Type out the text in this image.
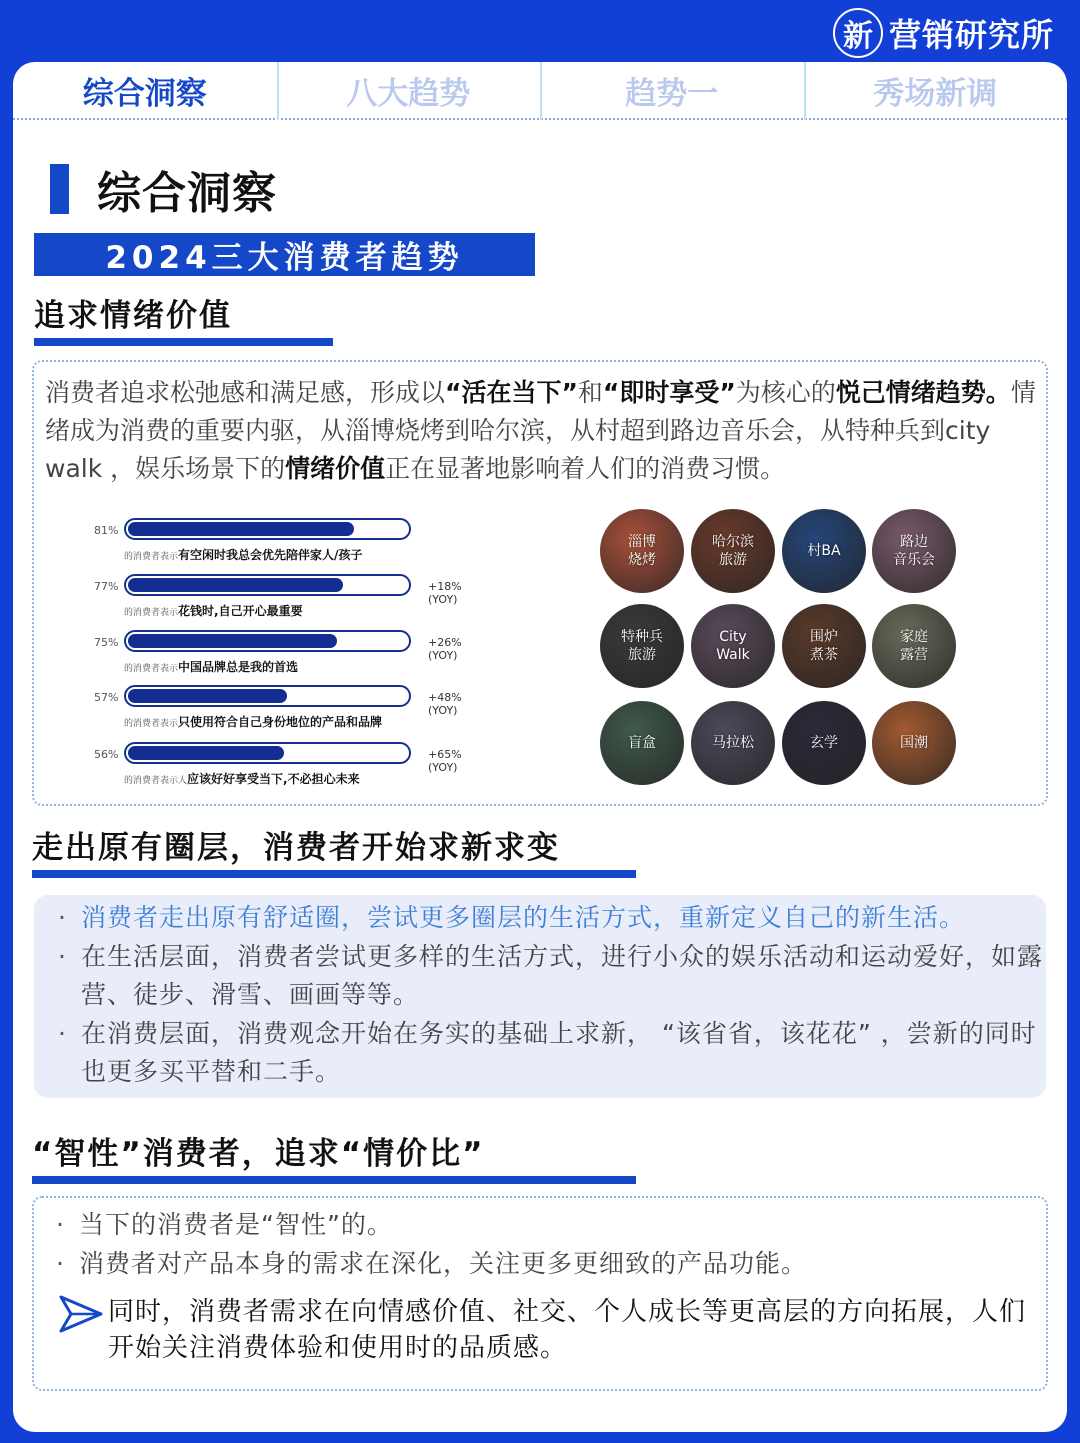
新 营销研究所
综合洞察	八大趋势	趋势一	秀场新调
综合洞察
2024三大消费者趋势
追求情绪价值
消费者追求松弛感和满足感，形成以“活在当下”和“即时享受”为核心的悦己情绪趋势。情绪成为消费的重要内驱，从淄博烧烤到哈尔滨，从村超到路边音乐会，从特种兵到city walk ，娱乐场景下的情绪价值正在显著地影响着人们的消费习惯。
81%
的消费者表示有空闲时我总会优先陪伴家人/孩子
77%	+18% (YOY)
的消费者表示花钱时,自己开心最重要
75%	+26% (YOY)
的消费者表示中国品牌总是我的首选
57%	+48% (YOY)
的消费者表示只使用符合自己身份地位的产品和品牌
56%	+65% (YOY)
的消费者表示人应该好好享受当下,不必担心未来
淄博
烧烤
哈尔滨
旅游
村BA
路边
音乐会
特种兵
旅游
City
Walk
围炉
煮茶
家庭
露营
盲盒	马拉松	玄学	国潮
走出原有圈层，消费者开始求新求变
· 消费者走出原有舒适圈，尝试更多圈层的生活方式，重新定义自己的新生活。
· 在生活层面，消费者尝试更多样的生活方式，进行小众的娱乐活动和运动爱好，如露营、徒步、滑雪、画画等等。
· 在消费层面，消费观念开始在务实的基础上求新， “该省省，该花花” ，尝新的同时也更多买平替和二手。
“智性”消费者，追求“情价比”
· 当下的消费者是“智性”的。
· 消费者对产品本身的需求在深化，关注更多更细致的产品功能。
同时，消费者需求在向情感价值、社交、个人成长等更高层的方向拓展，人们开始关注消费体验和使用时的品质感。
